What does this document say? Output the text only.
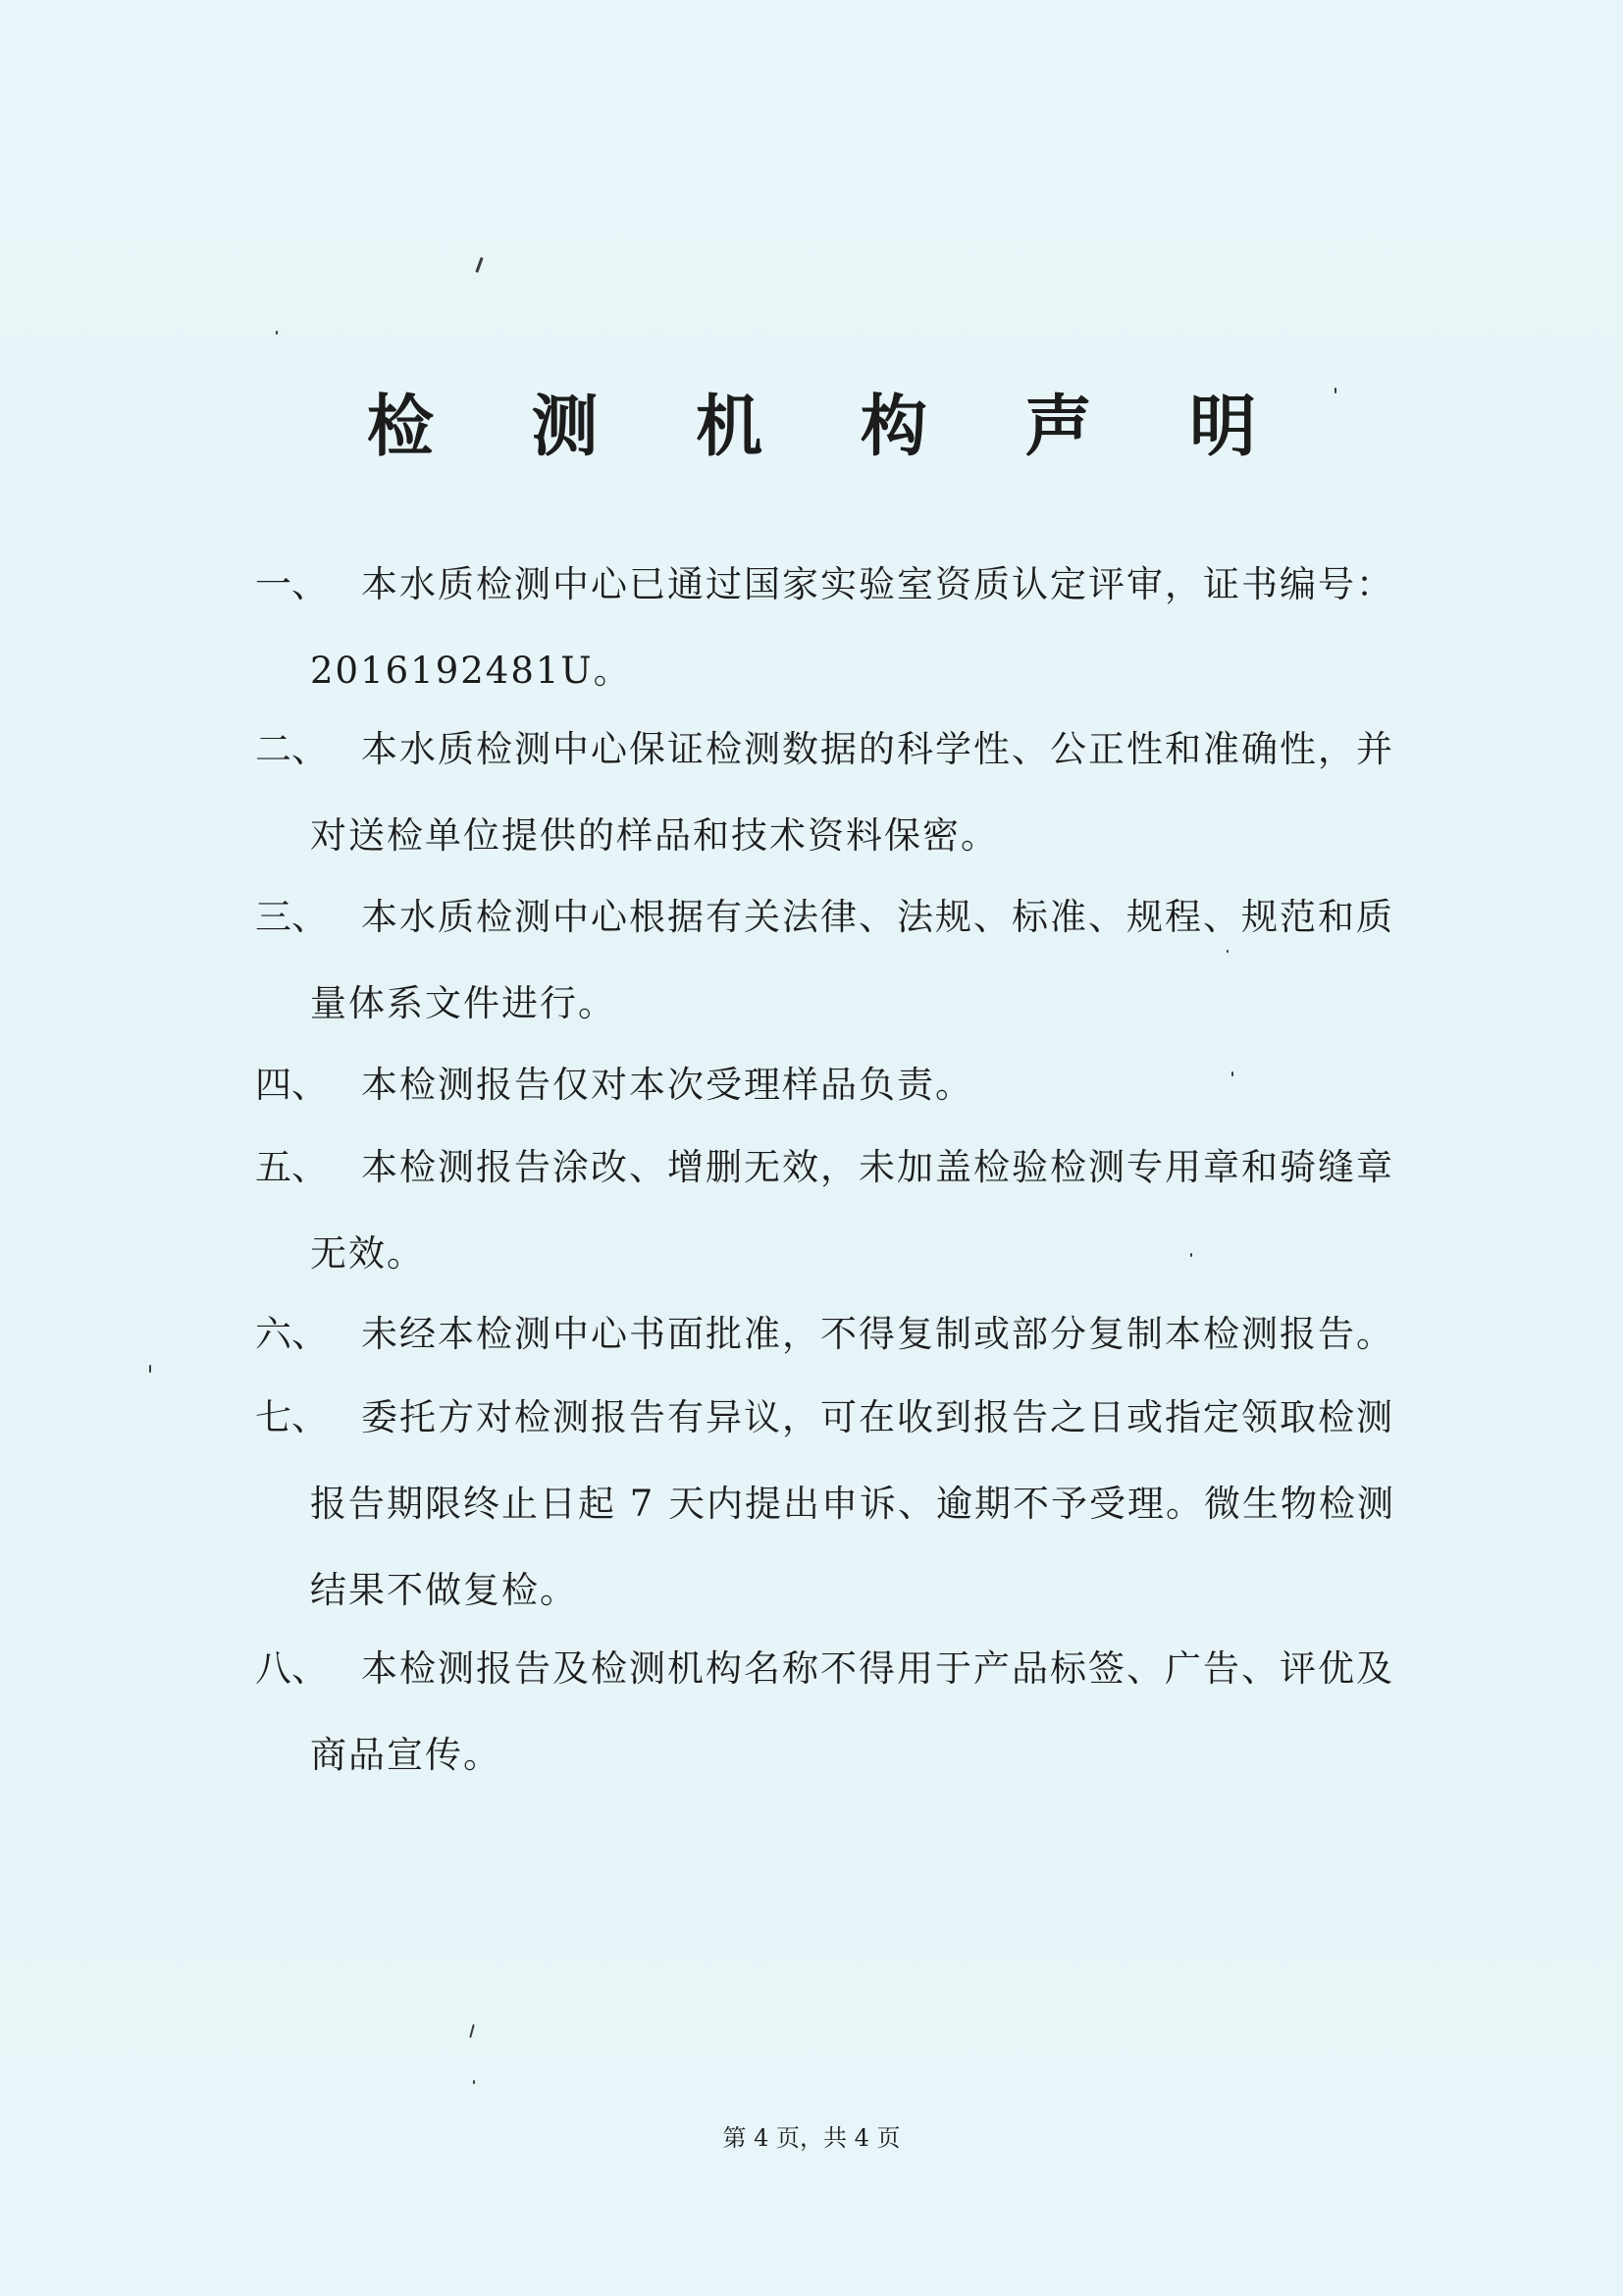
检 测 机 构 声 明
一、 本水质检测中心已通过国家实验室资质认定评审，证书编号：
2016192481U。
二、 本水质检测中心保证检测数据的科学性、公正性和准确性，并
对送检单位提供的样品和技术资料保密。
三、 本水质检测中心根据有关法律、法规、标准、规程、规范和质
量体系文件进行。
四、 本检测报告仅对本次受理样品负责。
五、 本检测报告涂改、增删无效，未加盖检验检测专用章和骑缝章
无效。
六、 未经本检测中心书面批准，不得复制或部分复制本检测报告。
七、 委托方对检测报告有异议，可在收到报告之日或指定领取检测
报告期限终止日起 7 天内提出申诉、逾期不予受理。微生物检测
结果不做复检。
八、 本检测报告及检测机构名称不得用于产品标签、广告、评优及
商品宣传。
第 4 页，共 4 页
